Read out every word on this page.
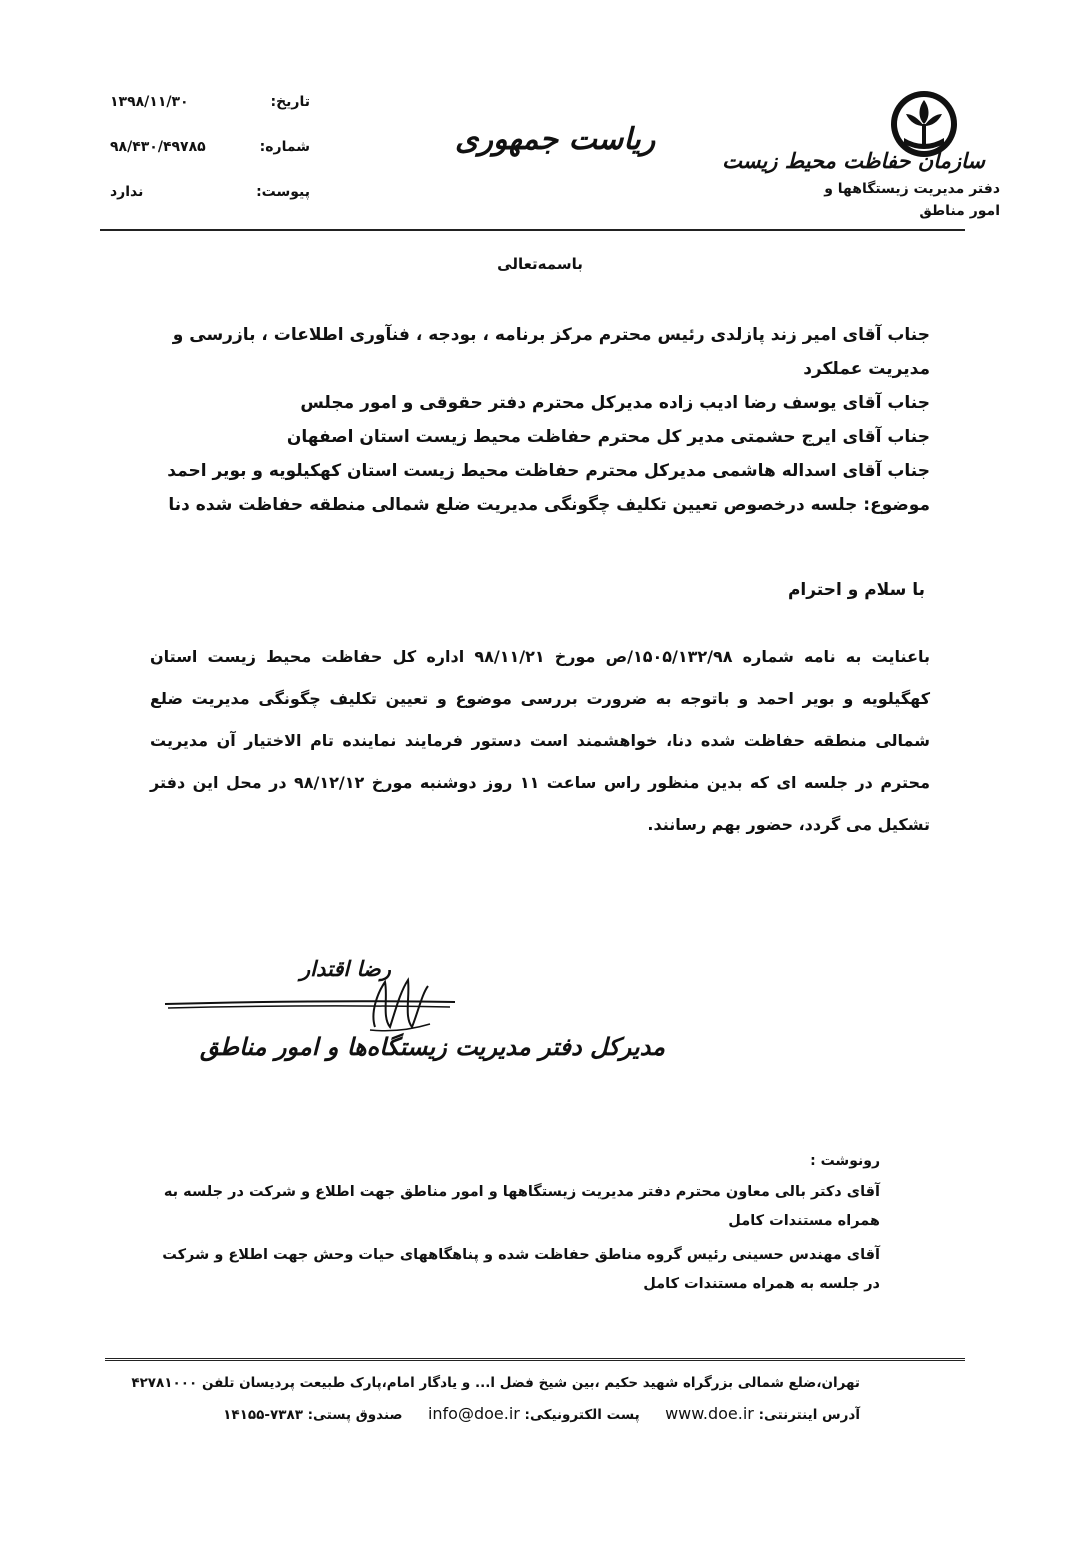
سازمان حفاظت محیط زیست
دفتر مدیریت زیستگاهها و امور مناطق
ریاست جمهوری
تاریخ:
۱۳۹۸/۱۱/۳۰
شماره:
۹۸/۴۳۰/۴۹۷۸۵
پیوست:
ندارد
باسمه‌تعالی
جناب آقای امیر زند پازلدی رئیس محترم مرکز برنامه ، بودجه ، فنآوری اطلاعات ، بازرسی و مدیریت عملکرد
جناب آقای یوسف رضا ادیب زاده مدیرکل محترم دفتر حقوقی و امور مجلس
جناب آقای ایرج حشمتی مدیر کل محترم حفاظت محیط زیست استان اصفهان
جناب آقای اسداله هاشمی مدیرکل محترم حفاظت محیط زیست استان کهکیلویه و بویر احمد
موضوع: جلسه درخصوص تعیین تکلیف چگونگی مدیریت ضلع شمالی منطقه حفاظت شده دنا
با سلام و احترام
باعنایت به نامه شماره ۱۵۰۵/۱۳۲/۹۸/ص مورخ ۹۸/۱۱/۲۱ اداره کل حفاظت محیط زیست استان کهگیلویه و بویر احمد و باتوجه به ضرورت بررسی موضوع و تعیین تکلیف چگونگی مدیریت ضلع شمالی منطقه حفاظت شده دنا، خواهشمند است دستور فرمایند نماینده تام الاختیار آن مدیریت محترم در جلسه ای که بدین منظور راس ساعت ۱۱ روز دوشنبه مورخ ۹۸/۱۲/۱۲ در محل این دفتر تشکیل می گردد، حضور بهم رسانند.
رضا اقتدار
مدیرکل دفتر مدیریت زیستگاه‌ها و امور مناطق
رونوشت :
آقای دکتر بالی معاون محترم دفتر مدیریت زیستگاهها و امور مناطق جهت اطلاع و شرکت در جلسه به همراه مستندات کامل
آقای مهندس حسینی رئیس گروه مناطق حفاظت شده و پناهگاههای حیات وحش جهت اطلاع و شرکت در جلسه به همراه مستندات کامل
تهران،ضلع شمالی بزرگراه شهید حکیم ،بین شیخ فضل ا... و یادگار امام،پارک طبیعت پردیسان تلفن ۴۲۷۸۱۰۰۰
آدرس اینترنتی: www.doe.ir  پست الکترونیکی: info@doe.ir  صندوق پستی: ۷۳۸۳-۱۴۱۵۵
